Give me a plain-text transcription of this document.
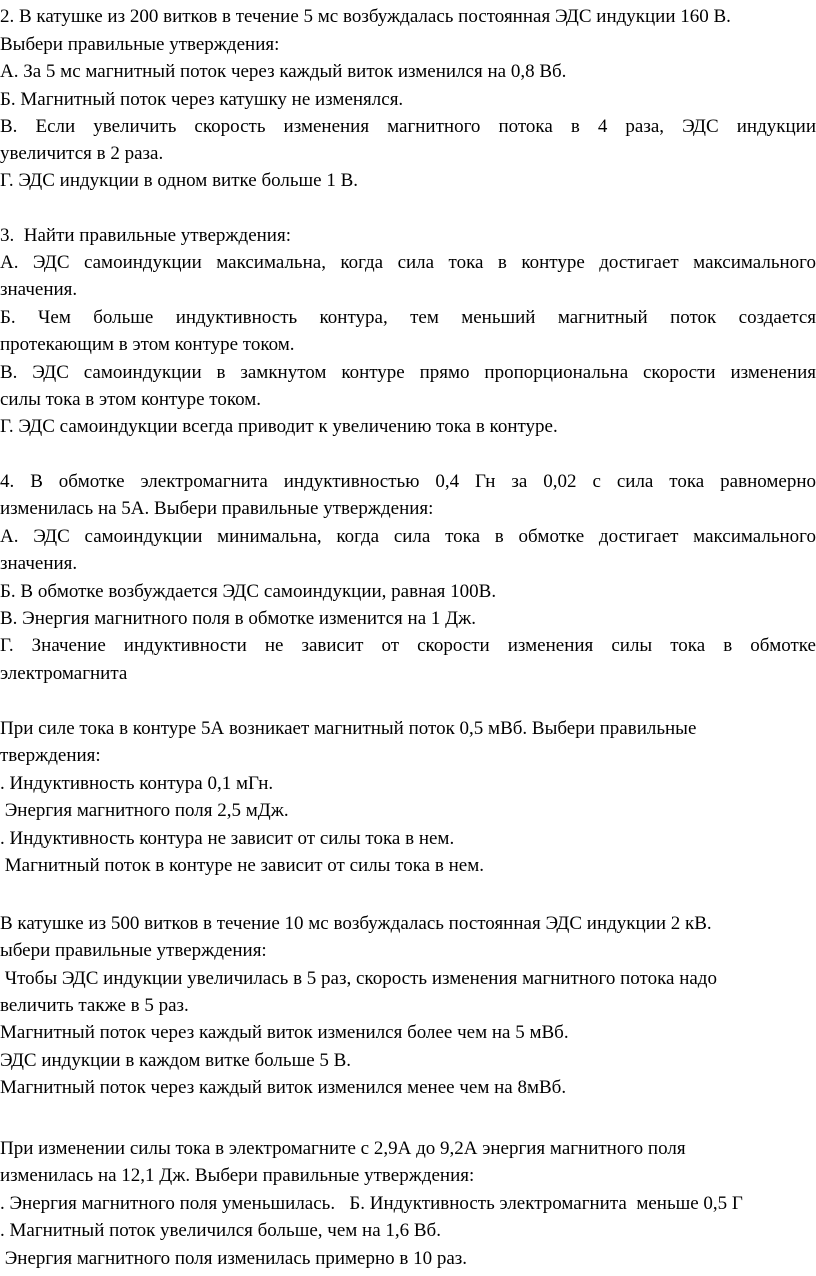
2. В катушке из 200 витков в течение 5 мс возбуждалась постоянная ЭДС индукции 160 В.
Выбери правильные утверждения:
А. За 5 мс магнитный поток через каждый виток изменился на 0,8 Вб.
Б. Магнитный поток через катушку не изменялся.
В. Если увеличить скорость изменения магнитного потока в 4 раза, ЭДС индукции
увеличится в 2 раза.
Г. ЭДС индукции в одном витке больше 1 В.
3.  Найти правильные утверждения:
А. ЭДС самоиндукции максимальна, когда сила тока в контуре достигает максимального
значения.
Б. Чем больше индуктивность контура, тем меньший магнитный поток создается
протекающим в этом контуре током.
В. ЭДС самоиндукции в замкнутом контуре прямо пропорциональна скорости изменения
силы тока в этом контуре током.
Г. ЭДС самоиндукции всегда приводит к увеличению тока в контуре.
4. В обмотке электромагнита индуктивностью 0,4 Гн за 0,02 с сила тока равномерно
изменилась на 5А. Выбери правильные утверждения:
А. ЭДС самоиндукции минимальна, когда сила тока в обмотке достигает максимального
значения.
Б. В обмотке возбуждается ЭДС самоиндукции, равная 100В.
В. Энергия магнитного поля в обмотке изменится на 1 Дж.
Г. Значение индуктивности не зависит от скорости изменения силы тока в обмотке
электромагнита
При силе тока в контуре 5А возникает магнитный поток 0,5 мВб. Выбери правильные
тверждения:
. Индуктивность контура 0,1 мГн.
Энергия магнитного поля 2,5 мДж.
. Индуктивность контура не зависит от силы тока в нем.
Магнитный поток в контуре не зависит от силы тока в нем.
В катушке из 500 витков в течение 10 мс возбуждалась постоянная ЭДС индукции 2 кВ.
ыбери правильные утверждения:
Чтобы ЭДС индукции увеличилась в 5 раз, скорость изменения магнитного потока надо
величить также в 5 раз.
Магнитный поток через каждый виток изменился более чем на 5 мВб.
ЭДС индукции в каждом витке больше 5 В.
Магнитный поток через каждый виток изменился менее чем на 8мВб.
При изменении силы тока в электромагните с 2,9А до 9,2А энергия магнитного поля
изменилась на 12,1 Дж. Выбери правильные утверждения:
. Энергия магнитного поля уменьшилась.   Б. Индуктивность электромагнита  меньше 0,5 Г
. Магнитный поток увеличился больше, чем на 1,6 Вб.
Энергия магнитного поля изменилась примерно в 10 раз.
